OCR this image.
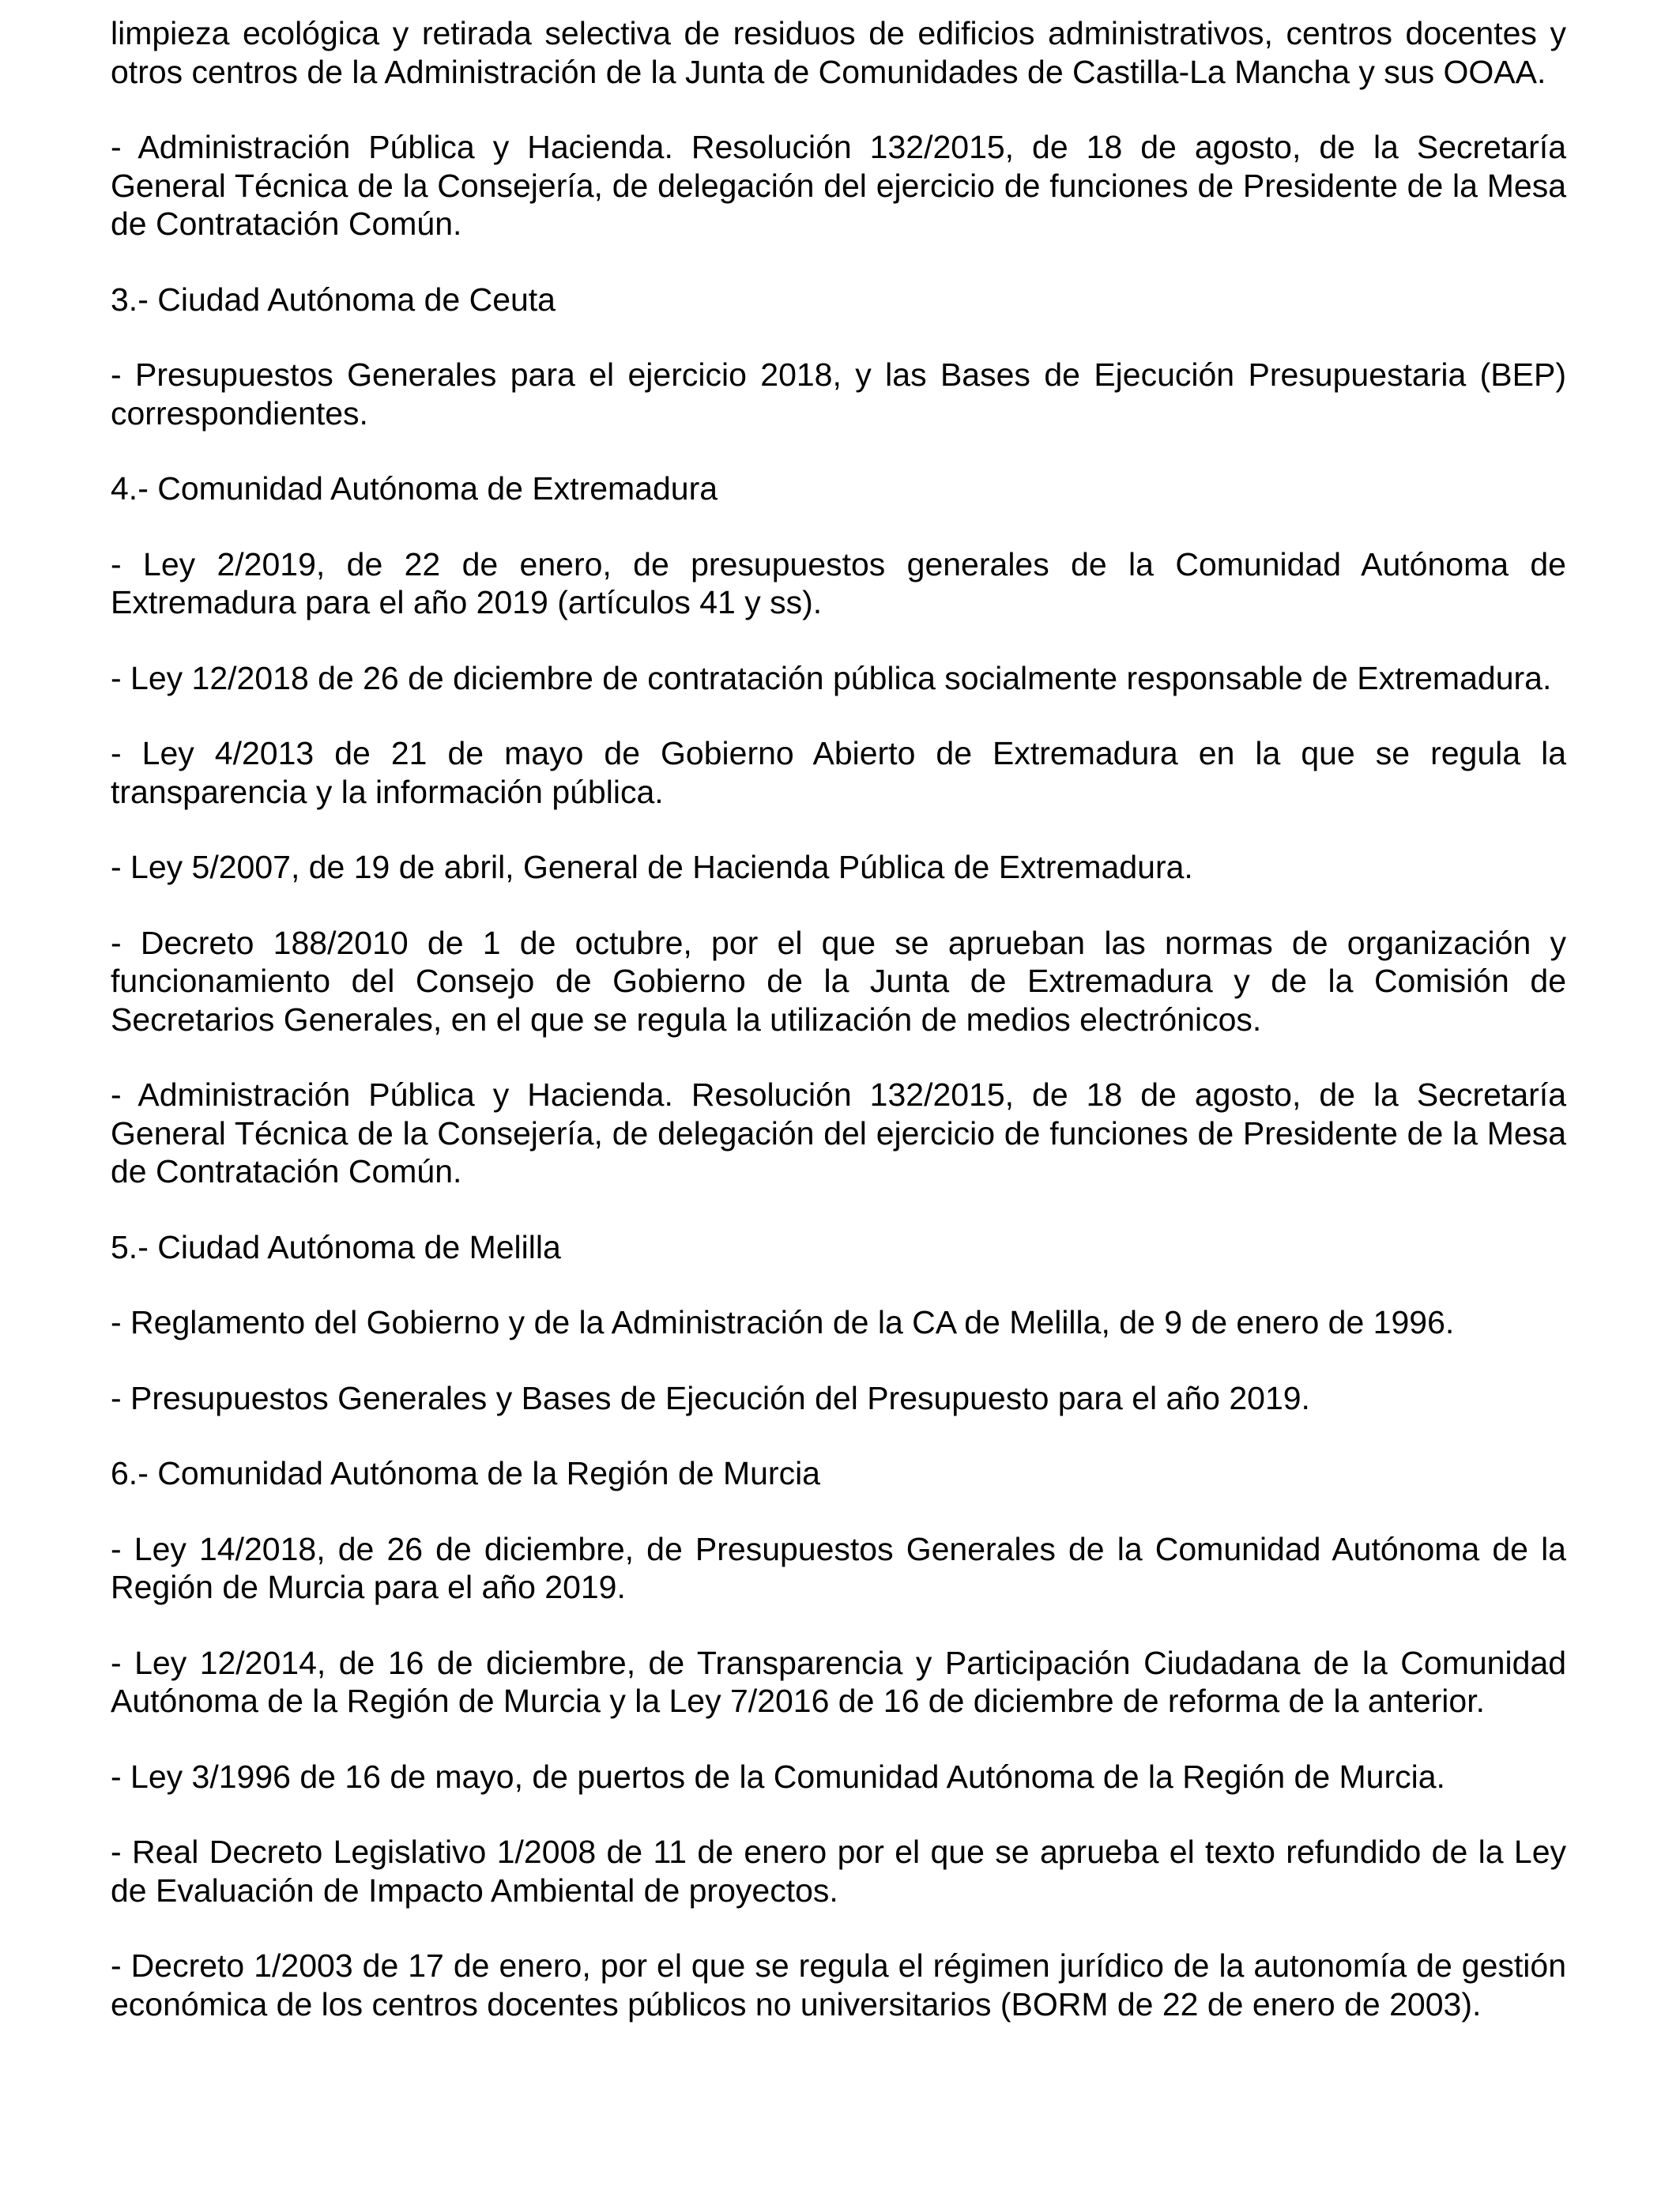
limpieza ecológica y retirada selectiva de residuos de edificios administrativos, centros docentes y otros centros de la Administración de la Junta de Comunidades de Castilla-La Mancha y sus OOAA.

- Administración Pública y Hacienda. Resolución 132/2015, de 18 de agosto, de la Secretaría General Técnica de la Consejería, de delegación del ejercicio de funciones de Presidente de la Mesa de Contratación Común.

3.- Ciudad Autónoma de Ceuta

- Presupuestos Generales para el ejercicio 2018, y las Bases de Ejecución Presupuestaria (BEP) correspondientes.

4.- Comunidad Autónoma de Extremadura

- Ley 2/2019, de 22 de enero, de presupuestos generales de la Comunidad Autónoma de Extremadura para el año 2019 (artículos 41 y ss).

- Ley 12/2018 de 26 de diciembre de contratación pública socialmente responsable de Extremadura.

- Ley 4/2013 de 21 de mayo de Gobierno Abierto de Extremadura en la que se regula la transparencia y la información pública.

- Ley 5/2007, de 19 de abril, General de Hacienda Pública de Extremadura.

- Decreto 188/2010 de 1 de octubre, por el que se aprueban las normas de organización y funcionamiento del Consejo de Gobierno de la Junta de Extremadura y de la Comisión de Secretarios Generales, en el que se regula la utilización de medios electrónicos.

- Administración Pública y Hacienda. Resolución 132/2015, de 18 de agosto, de la Secretaría General Técnica de la Consejería, de delegación del ejercicio de funciones de Presidente de la Mesa de Contratación Común.

5.- Ciudad Autónoma de Melilla

- Reglamento del Gobierno y de la Administración de la CA de Melilla, de 9 de enero de 1996.

- Presupuestos Generales y Bases de Ejecución del Presupuesto para el año 2019.

6.- Comunidad Autónoma de la Región de Murcia

- Ley 14/2018, de 26 de diciembre, de Presupuestos Generales de la Comunidad Autónoma de la Región de Murcia para el año 2019.

- Ley 12/2014, de 16 de diciembre, de Transparencia y Participación Ciudadana de la Comunidad Autónoma de la Región de Murcia y la Ley 7/2016 de 16 de diciembre de reforma de la anterior.

- Ley 3/1996 de 16 de mayo, de puertos de la Comunidad Autónoma de la Región de Murcia.

- Real Decreto Legislativo 1/2008 de 11 de enero por el que se aprueba el texto refundido de la Ley de Evaluación de Impacto Ambiental de proyectos.

- Decreto 1/2003 de 17 de enero, por el que se regula el régimen jurídico de la autonomía de gestión económica de los centros docentes públicos no universitarios (BORM de 22 de enero de 2003).
